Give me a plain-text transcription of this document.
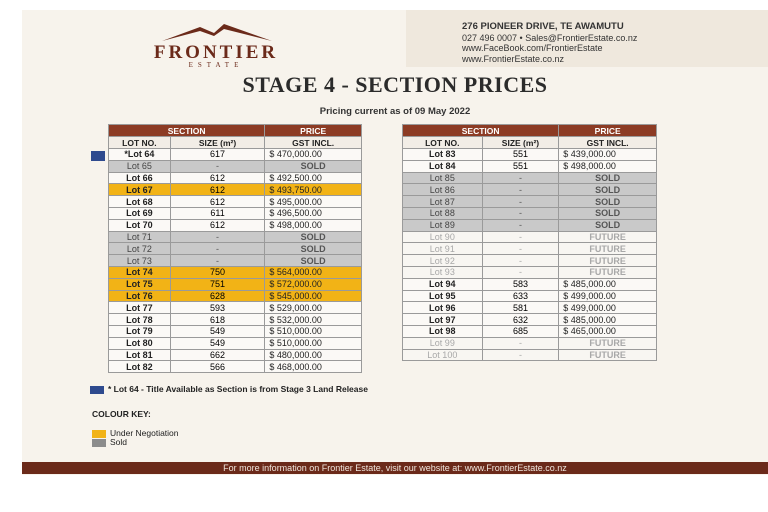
FRONTIER
ESTATE
276 PIONEER DRIVE, TE AWAMUTU
027 496 0007 • Sales@FrontierEstate.co.nz
www.FaceBook.com/FrontierEstate
www.FrontierEstate.co.nz
STAGE 4 - SECTION PRICES
Pricing current as of 09 May 2022
SECTION		PRICE
LOT NO.	SIZE (m²)	GST INCL.
*Lot 64	617	$ 470,000.00
Lot 65	-	SOLD
Lot 66	612	$ 492,500.00
Lot 67	612	$ 493,750.00
Lot 68	612	$ 495,000.00
Lot 69	611	$ 496,500.00
Lot 70	612	$ 498,000.00
Lot 71	-	SOLD
Lot 72	-	SOLD
Lot 73	-	SOLD
Lot 74	750	$ 564,000.00
Lot 75	751	$ 572,000.00
Lot 76	628	$ 545,000.00
Lot 77	593	$ 529,000.00
Lot 78	618	$ 532,000.00
Lot 79	549	$ 510,000.00
Lot 80	549	$ 510,000.00
Lot 81	662	$ 480,000.00
Lot 82	566	$ 468,000.00
SECTION		PRICE
LOT NO.	SIZE (m²)	GST INCL.
Lot 83	551	$ 439,000.00
Lot 84	551	$ 498,000.00
Lot 85	-	SOLD
Lot 86	-	SOLD
Lot 87	-	SOLD
Lot 88	-	SOLD
Lot 89	-	SOLD
Lot 90	-	FUTURE
Lot 91	-	FUTURE
Lot 92	-	FUTURE
Lot 93	-	FUTURE
Lot 94	583	$ 485,000.00
Lot 95	633	$ 499,000.00
Lot 96	581	$ 499,000.00
Lot 97	632	$ 485,000.00
Lot 98	685	$ 465,000.00
Lot 99	-	FUTURE
Lot 100	-	FUTURE
* Lot 64 - Title Available as Section is from Stage 3 Land Release
COLOUR KEY:
Under Negotiation
Sold
For more information on Frontier Estate, visit our website at: www.FrontierEstate.co.nz
